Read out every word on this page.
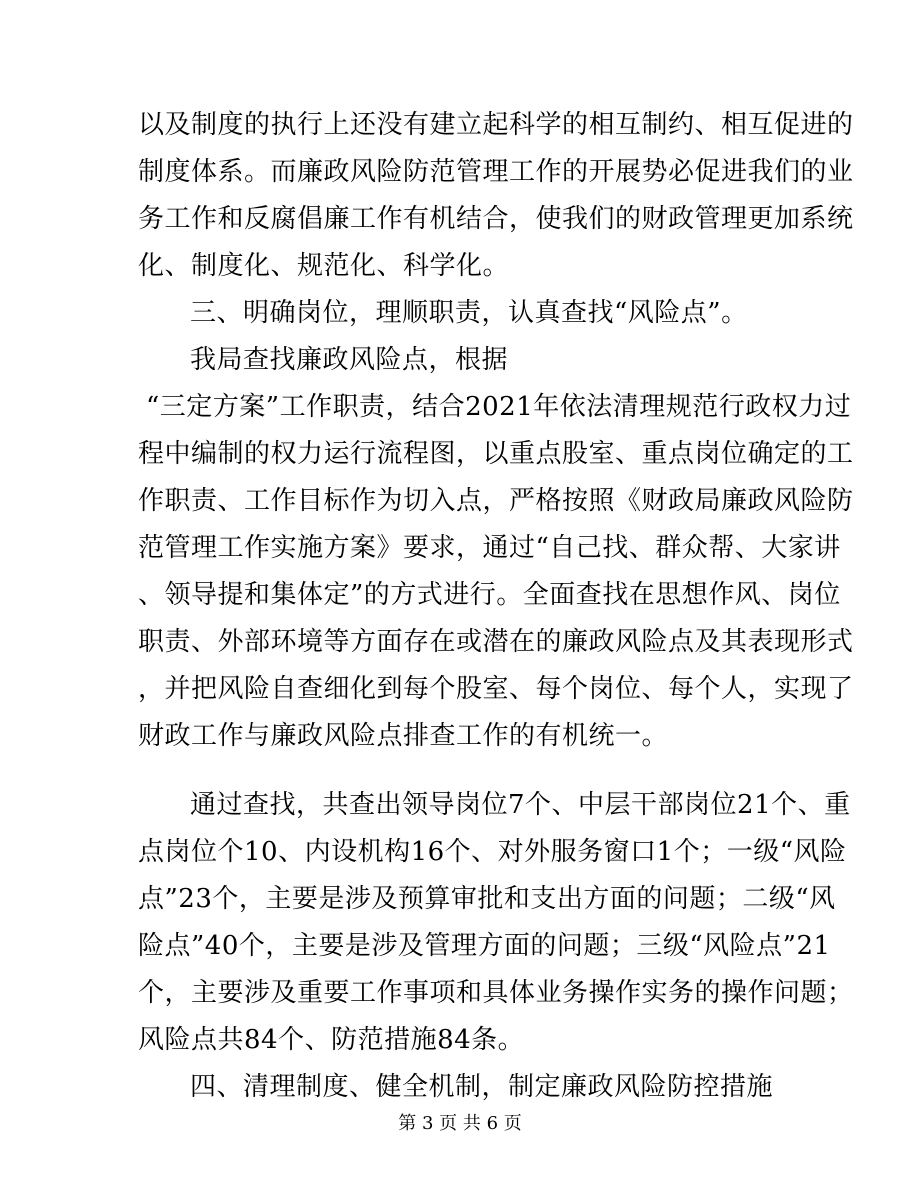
以及制度的执行上还没有建立起科学的相互制约、相互促进的
制度体系。而廉政风险防范管理工作的开展势必促进我们的业
务工作和反腐倡廉工作有机结合，使我们的财政管理更加系统
化、制度化、规范化、科学化。
三、明确岗位，理顺职责，认真查找“风险点”。
我局查找廉政风险点，根据
“三定方案”工作职责，结合2021年依法清理规范行政权力过
程中编制的权力运行流程图，以重点股室、重点岗位确定的工
作职责、工作目标作为切入点，严格按照《财政局廉政风险防
范管理工作实施方案》要求，通过“自己找、群众帮、大家讲
、领导提和集体定”的方式进行。全面查找在思想作风、岗位
职责、外部环境等方面存在或潜在的廉政风险点及其表现形式
，并把风险自查细化到每个股室、每个岗位、每个人，实现了
财政工作与廉政风险点排查工作的有机统一。
通过查找，共查出领导岗位7个、中层干部岗位21个、重
点岗位个10、内设机构16个、对外服务窗口1个；一级“风险
点”23个，主要是涉及预算审批和支出方面的问题；二级“风
险点”40个，主要是涉及管理方面的问题；三级“风险点”21
个，主要涉及重要工作事项和具体业务操作实务的操作问题；
风险点共84个、防范措施84条。
四、清理制度、健全机制，制定廉政风险防控措施
第 3 页 共 6 页
